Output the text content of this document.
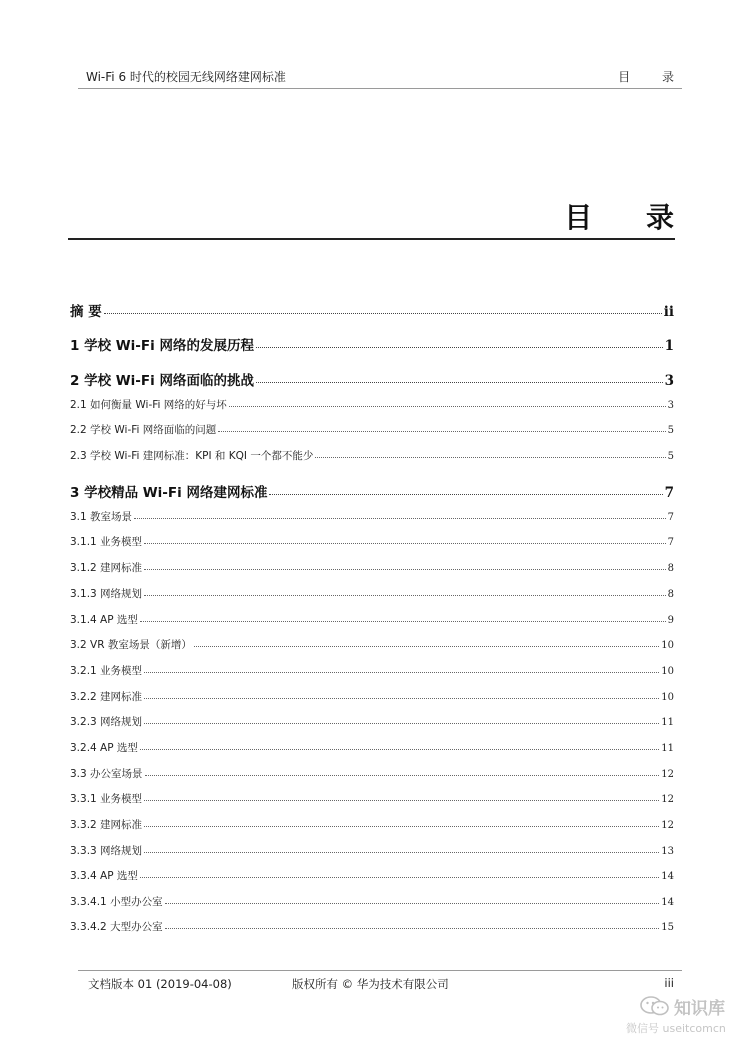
Wi-Fi 6 时代的校园无线网络建网标准	目 录
目 录
摘 要	ii
1 学校 Wi-Fi 网络的发展历程	1
2 学校 Wi-Fi 网络面临的挑战	3
2.1 如何衡量 Wi-Fi 网络的好与坏	3
2.2 学校 Wi-Fi 网络面临的问题	5
2.3 学校 Wi-Fi 建网标准：KPI 和 KQI 一个都不能少	5
3 学校精品 Wi-Fi 网络建网标准	7
3.1 教室场景	7
3.1.1 业务模型	7
3.1.2 建网标准	8
3.1.3 网络规划	8
3.1.4 AP 选型	9
3.2 VR 教室场景（新增）	10
3.2.1 业务模型	10
3.2.2 建网标准	10
3.2.3 网络规划	11
3.2.4 AP 选型	11
3.3 办公室场景	12
3.3.1 业务模型	12
3.3.2 建网标准	12
3.3.3 网络规划	13
3.3.4 AP 选型	14
3.3.4.1 小型办公室	14
3.3.4.2 大型办公室	15
文档版本 01 (2019-04-08)	版权所有 © 华为技术有限公司	iii
知识库
微信号 useitcomcn
